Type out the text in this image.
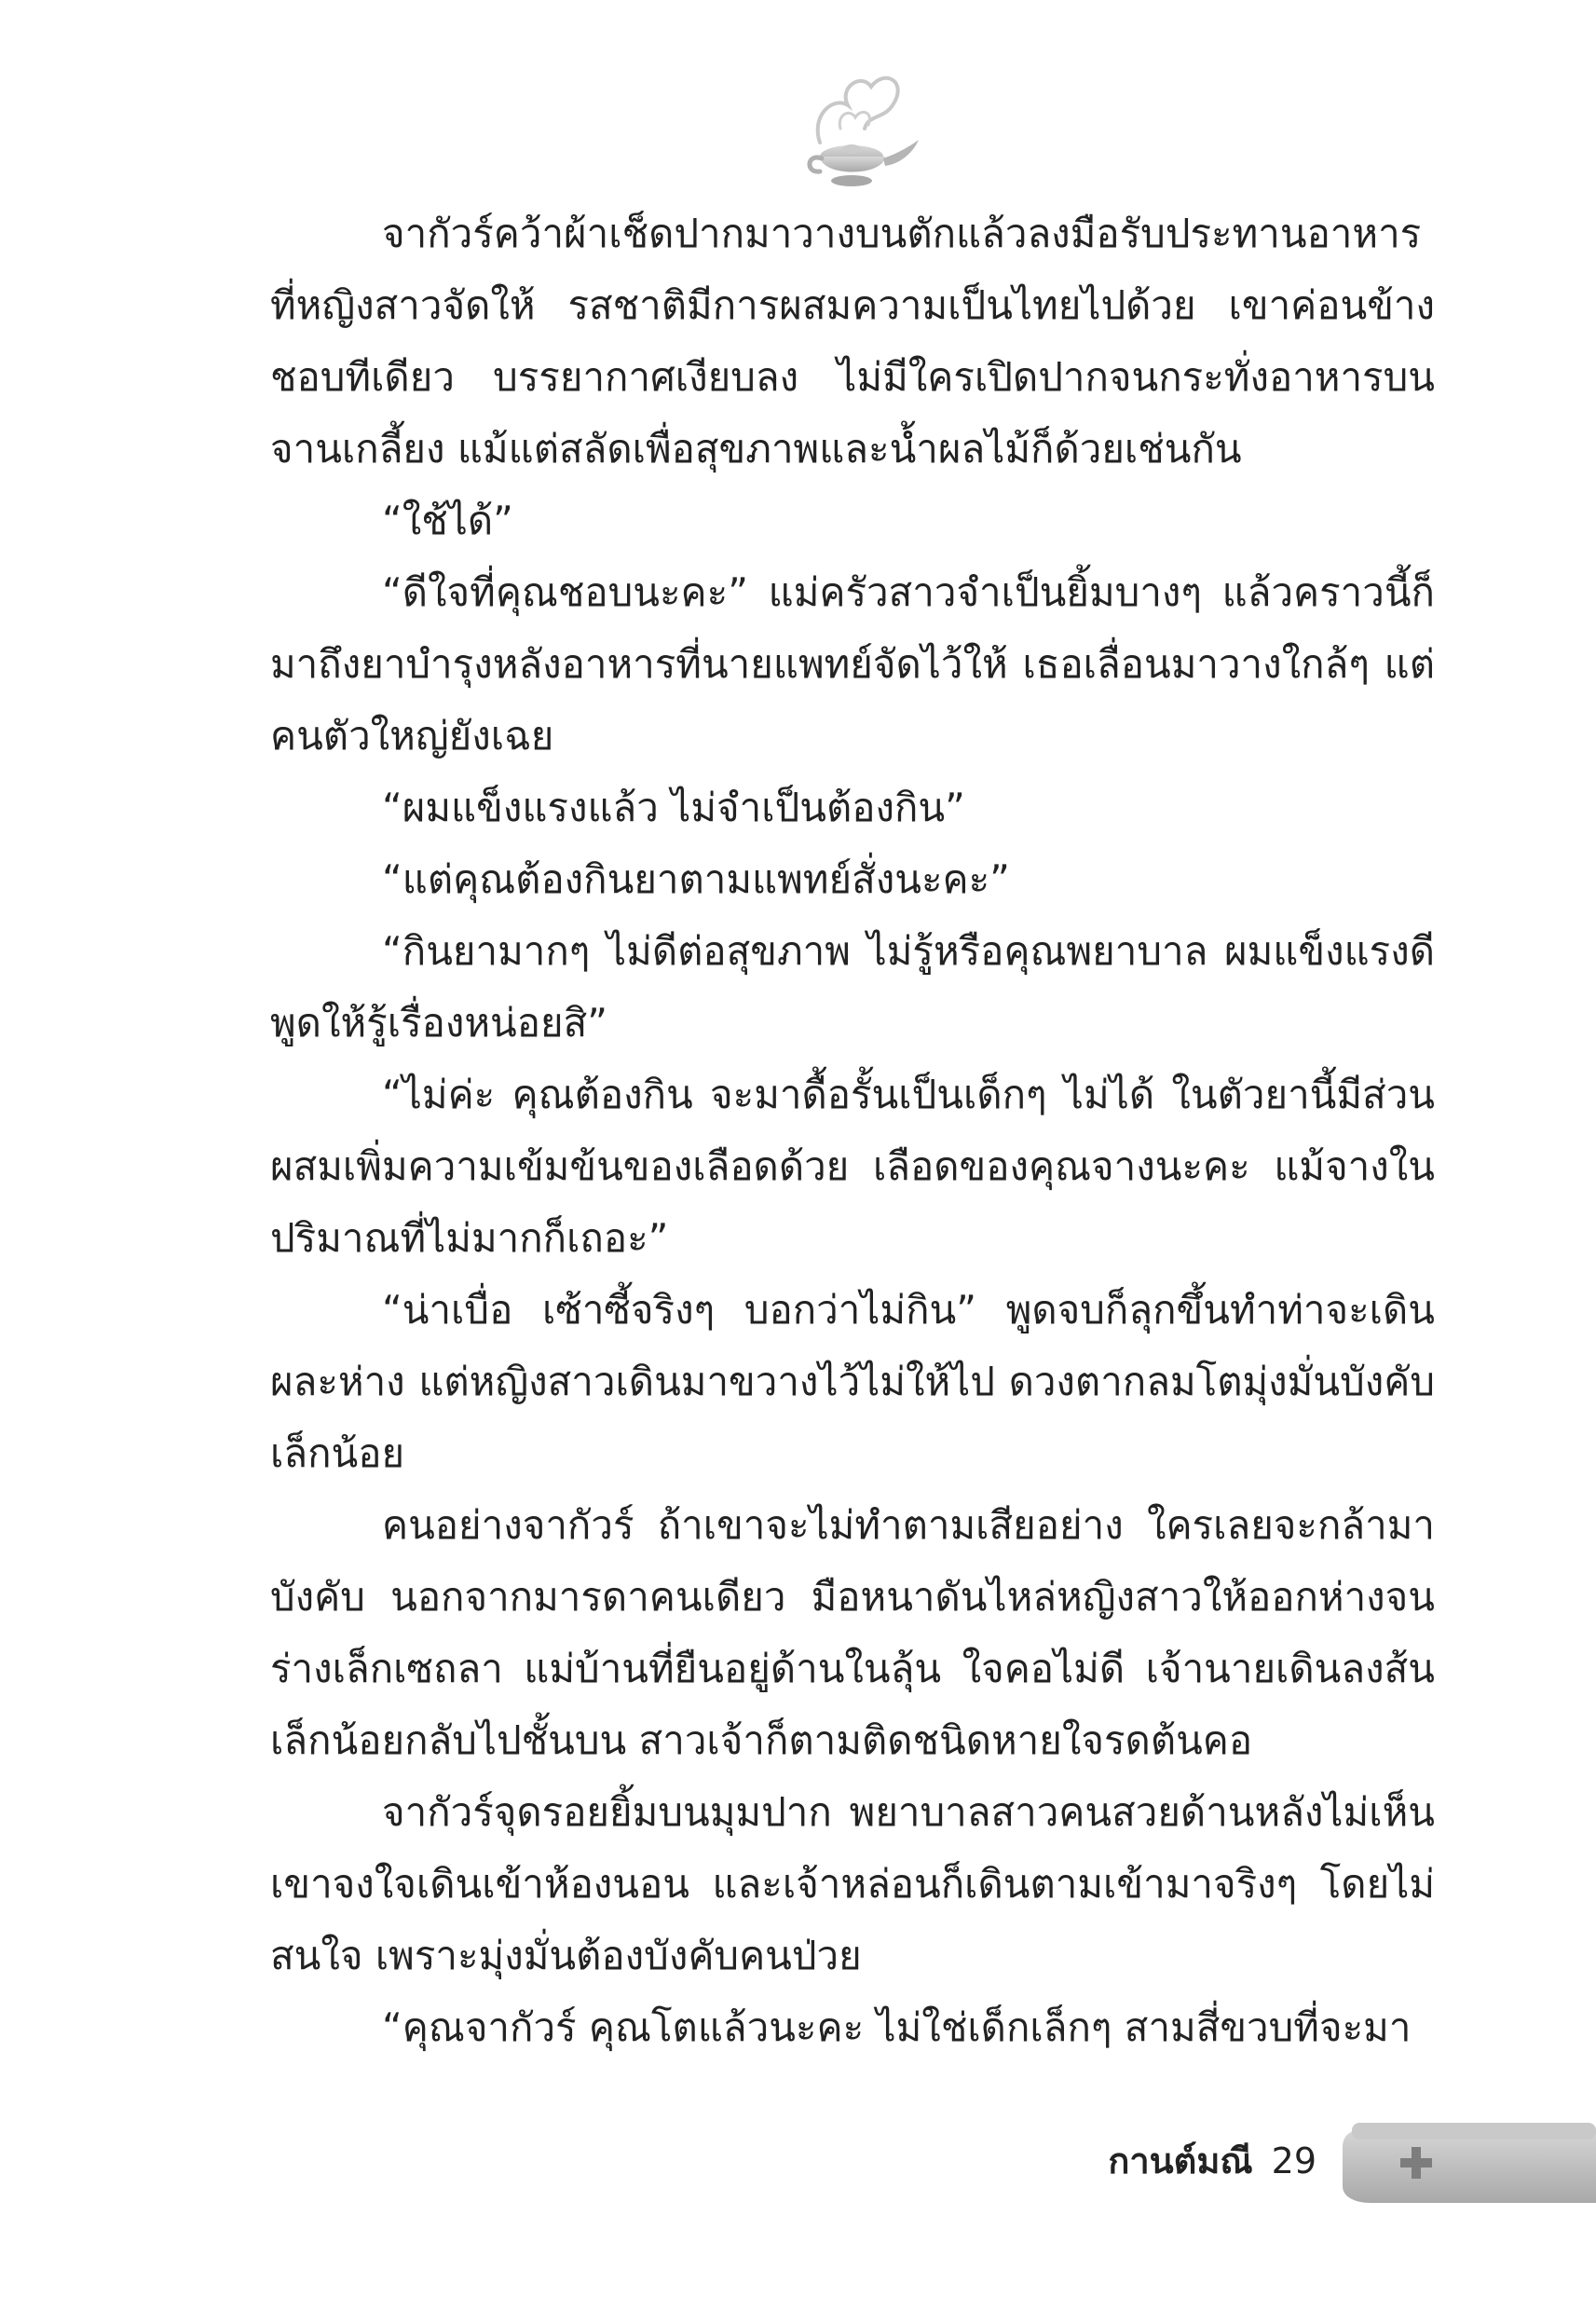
จากัวร์คว้าผ้าเช็ดปากมาวางบนตักแล้วลงมือรับประทานอาหารที่หญิงสาวจัดให้ รสชาติมีการผสมความเป็นไทยไปด้วย เขาค่อนข้างชอบทีเดียว บรรยากาศเงียบลง ไม่มีใครเปิดปากจนกระทั่งอาหารบนจานเกลี้ยง แม้แต่สลัดเพื่อสุขภาพและน้ำผลไม้ก็ด้วยเช่นกัน

“ใช้ได้”

“ดีใจที่คุณชอบนะคะ” แม่ครัวสาวจำเป็นยิ้มบางๆ แล้วคราวนี้ก็มาถึงยาบำรุงหลังอาหารที่นายแพทย์จัดไว้ให้ เธอเลื่อนมาวางใกล้ๆ แต่คนตัวใหญ่ยังเฉย

“ผมแข็งแรงแล้ว ไม่จำเป็นต้องกิน”

“แต่คุณต้องกินยาตามแพทย์สั่งนะคะ”

“กินยามากๆ ไม่ดีต่อสุขภาพ ไม่รู้หรือคุณพยาบาล ผมแข็งแรงดีพูดให้รู้เรื่องหน่อยสิ”

“ไม่ค่ะ คุณต้องกิน จะมาดื้อรั้นเป็นเด็กๆ ไม่ได้ ในตัวยานี้มีส่วนผสมเพิ่มความเข้มข้นของเลือดด้วย เลือดของคุณจางนะคะ แม้จางในปริมาณที่ไม่มากก็เถอะ”

“น่าเบื่อ เซ้าซี้จริงๆ บอกว่าไม่กิน” พูดจบก็ลุกขึ้นทำท่าจะเดินผละห่าง แต่หญิงสาวเดินมาขวางไว้ไม่ให้ไป ดวงตากลมโตมุ่งมั่นบังคับเล็กน้อย

คนอย่างจากัวร์ ถ้าเขาจะไม่ทำตามเสียอย่าง ใครเลยจะกล้ามาบังคับ นอกจากมารดาคนเดียว มือหนาดันไหล่หญิงสาวให้ออกห่างจนร่างเล็กเซถลา แม่บ้านที่ยืนอยู่ด้านในลุ้น ใจคอไม่ดี เจ้านายเดินลงส้นเล็กน้อยกลับไปชั้นบน สาวเจ้าก็ตามติดชนิดหายใจรดต้นคอ

จากัวร์จุดรอยยิ้มบนมุมปาก พยาบาลสาวคนสวยด้านหลังไม่เห็นเขาจงใจเดินเข้าห้องนอน และเจ้าหล่อนก็เดินตามเข้ามาจริงๆ โดยไม่สนใจ เพราะมุ่งมั่นต้องบังคับคนป่วย

“คุณจากัวร์ คุณโตแล้วนะคะ ไม่ใช่เด็กเล็กๆ สามสี่ขวบที่จะมา

กานต์มณี 29
